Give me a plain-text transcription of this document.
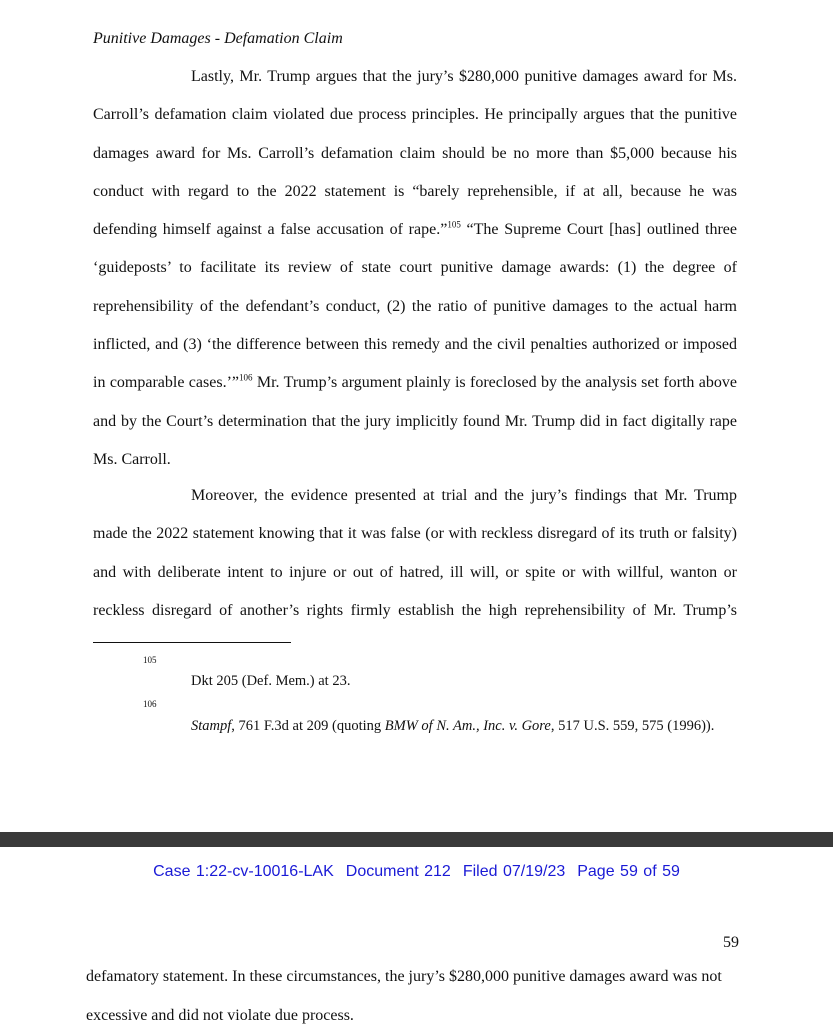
Punitive Damages - Defamation Claim

Lastly, Mr. Trump argues that the jury’s $280,000 punitive damages award for Ms. Carroll’s defamation claim violated due process principles. He principally argues that the punitive damages award for Ms. Carroll’s defamation claim should be no more than $5,000 because his conduct with regard to the 2022 statement is “barely reprehensible, if at all, because he was defending himself against a false accusation of rape.”$^{105}$ “The Supreme Court [has] outlined three ‘guideposts’ to facilitate its review of state court punitive damage awards: (1) the degree of reprehensibility of the defendant’s conduct, (2) the ratio of punitive damages to the actual harm inflicted, and (3) ‘the difference between this remedy and the civil penalties authorized or imposed in comparable cases.’”$^{106}$ Mr. Trump’s argument plainly is foreclosed by the analysis set forth above and by the Court’s determination that the jury implicitly found Mr. Trump did in fact digitally rape Ms. Carroll.

Moreover, the evidence presented at trial and the jury’s findings that Mr. Trump made the 2022 statement knowing that it was false (or with reckless disregard of its truth or falsity) and with deliberate intent to injure or out of hatred, ill will, or spite or with willful, wanton or reckless disregard of another’s rights firmly establish the high reprehensibility of Mr. Trump’s

105
Dkt 205 (Def. Mem.) at 23.
106
Stampf, 761 F.3d at 209 (quoting BMW of N. Am., Inc. v. Gore, 517 U.S. 559, 575 (1996)).
Case 1:22-cv-10016-LAK Document 212 Filed 07/19/23 Page 59 of 59
59

defamatory statement. In these circumstances, the jury’s $280,000 punitive damages award was not excessive and did not violate due process.
